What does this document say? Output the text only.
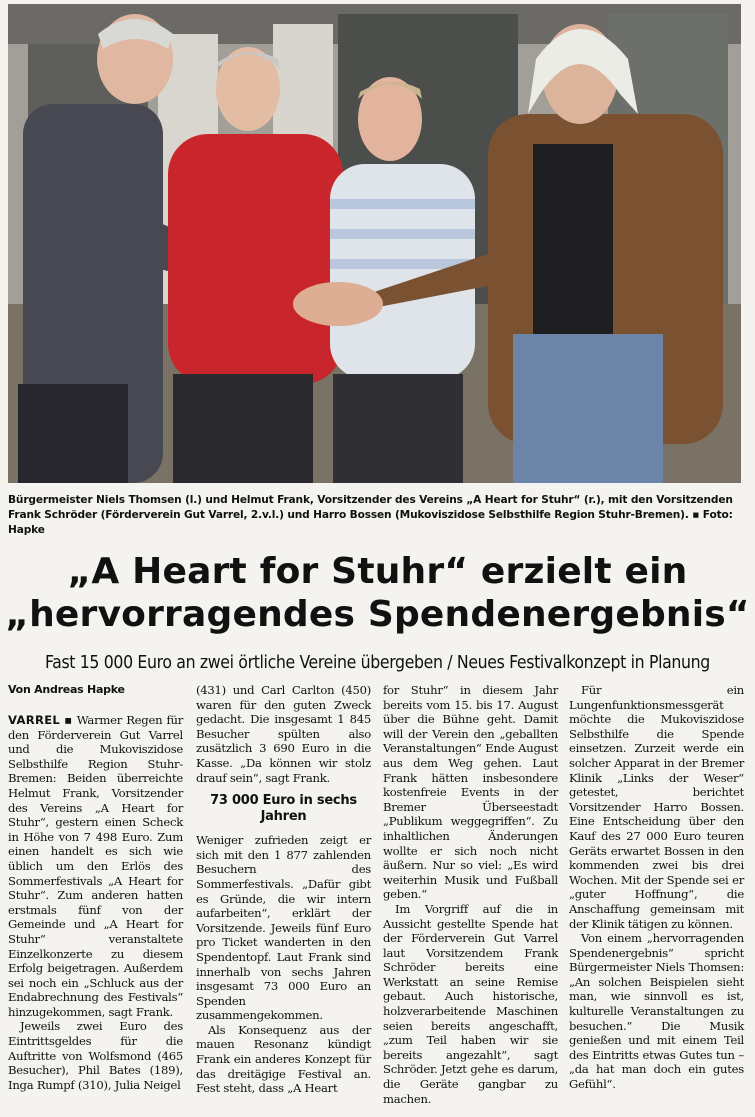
Bürgermeister Niels Thomsen (l.) und Helmut Frank, Vorsitzender des Vereins „A Heart for Stuhr“ (r.), mit den Vorsitzenden Frank Schröder (Förderverein Gut Varrel, 2.v.l.) und Harro Bossen (Mukoviszidose Selbsthilfe Region Stuhr-Bremen). ▪ Foto: Hapke

„A Heart for Stuhr“ erzielt ein
„hervorragendes Spendenergebnis“

Fast 15 000 Euro an zwei örtliche Vereine übergeben / Neues Festivalkonzept in Planung

Von Andreas Hapke

VARREL ▪ Warmer Regen für den Förderverein Gut Varrel und die Mukoviszidose Selbsthilfe Region Stuhr-Bremen: Beiden überreichte Helmut Frank, Vorsitzender des Vereins „A Heart for Stuhr“, gestern einen Scheck in Höhe von 7 498 Euro. Zum einen handelt es sich wie üblich um den Erlös des Sommerfestivals „A Heart for Stuhr“. Zum anderen hatten erstmals fünf von der Gemeinde und „A Heart for Stuhr“ veranstaltete Einzelkonzerte zu diesem Erfolg beigetragen. Außerdem sei noch ein „Schluck aus der Endabrechnung des Festivals“ hinzugekommen, sagt Frank.

Jeweils zwei Euro des Eintrittsgeldes für die Auftritte von Wolfsmond (465 Besucher), Phil Bates (189), Inga Rumpf (310), Julia Neigel

(431) und Carl Carlton (450) waren für den guten Zweck gedacht. Die insgesamt 1 845 Besucher spülten also zusätzlich 3 690 Euro in die Kasse. „Da können wir stolz drauf sein“, sagt Frank.

73 000 Euro in sechs Jahren

Weniger zufrieden zeigt er sich mit den 1 877 zahlenden Besuchern des Sommerfestivals. „Dafür gibt es Gründe, die wir intern aufarbeiten“, erklärt der Vorsitzende. Jeweils fünf Euro pro Ticket wanderten in den Spendentopf. Laut Frank sind innerhalb von sechs Jahren insgesamt 73 000 Euro an Spenden zusammengekommen.

Als Konsequenz aus der mauen Resonanz kündigt Frank ein anderes Konzept für das dreitägige Festival an. Fest steht, dass „A Heart

for Stuhr“ in diesem Jahr bereits vom 15. bis 17. August über die Bühne geht. Damit will der Verein den „geballten Veranstaltungen“ Ende August aus dem Weg gehen. Laut Frank hätten insbesondere kostenfreie Events in der Bremer Überseestadt „Publikum weggegriffen“. Zu inhaltlichen Änderungen wollte er sich noch nicht äußern. Nur so viel: „Es wird weiterhin Musik und Fußball geben.“

Im Vorgriff auf die in Aussicht gestellte Spende hat der Förderverein Gut Varrel laut Vorsitzendem Frank Schröder bereits eine Werkstatt an seine Remise gebaut. Auch historische, holzverarbeitende Maschinen seien bereits angeschafft, „zum Teil haben wir sie bereits angezahlt“, sagt Schröder. Jetzt gehe es darum, die Geräte gangbar zu machen.

Für ein Lungenfunktionsmessgerät möchte die Mukoviszidose Selbsthilfe die Spende einsetzen. Zurzeit werde ein solcher Apparat in der Bremer Klinik „Links der Weser“ getestet, berichtet Vorsitzender Harro Bossen. Eine Entscheidung über den Kauf des 27 000 Euro teuren Geräts erwartet Bossen in den kommenden zwei bis drei Wochen. Mit der Spende sei er „guter Hoffnung“, die Anschaffung gemeinsam mit der Klinik tätigen zu können.

Von einem „hervorragenden Spendenergebnis“ spricht Bürgermeister Niels Thomsen: „An solchen Beispielen sieht man, wie sinnvoll es ist, kulturelle Veranstaltungen zu besuchen.“ Die Musik genießen und mit einem Teil des Eintritts etwas Gutes tun – „da hat man doch ein gutes Gefühl“.
